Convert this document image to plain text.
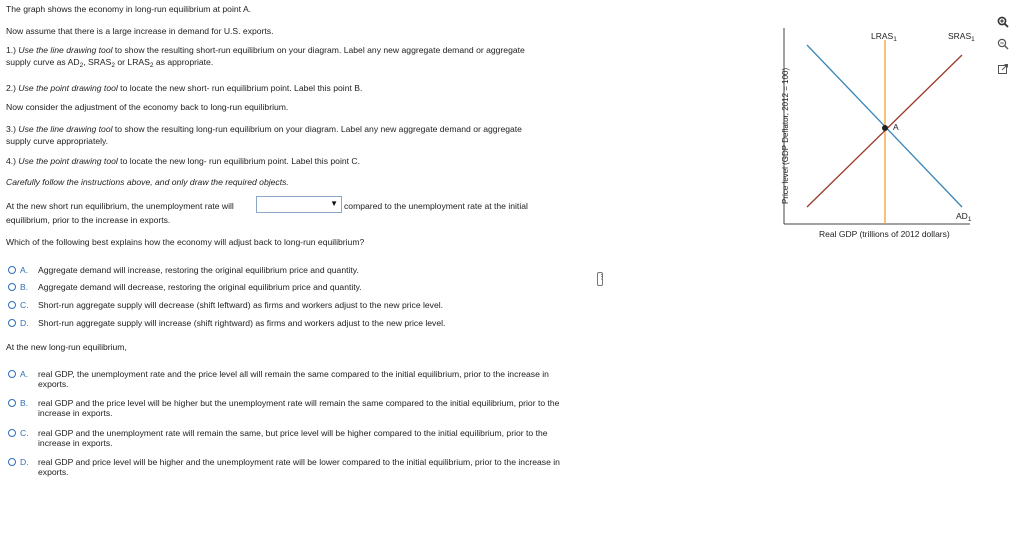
The graph shows the economy in long-run equilibrium at point A.
Now assume that there is a large increase in demand for U.S. exports.
1.) Use the line drawing tool to show the resulting short-run equilibrium on your diagram. Label any new aggregate demand or aggregate
supply curve as $AD_2$, $SRAS_2$ or $LRAS_2$ as appropriate.
2.) Use the point drawing tool to locate the new short- run equilibrium point. Label this point B.
Now consider the adjustment of the economy back to long-run equilibrium.
3.) Use the line drawing tool to show the resulting long-run equilibrium on your diagram. Label any new aggregate demand or aggregate
supply curve appropriately.
4.) Use the point drawing tool to locate the new long- run equilibrium point. Label this point C.
Carefully follow the instructions above, and only draw the required objects.
At the new short run equilibrium, the unemployment rate will	▼ compared to the unemployment rate at the initial
equilibrium, prior to the increase in exports.
Which of the following best explains how the economy will adjust back to long-run equilibrium?
A.	Aggregate demand will increase, restoring the original equilibrium price and quantity.
B.	Aggregate demand will decrease, restoring the original equilibrium price and quantity.
C.	Short-run aggregate supply will decrease (shift leftward) as firms and workers adjust to the new price level.
D.	Short-run aggregate supply will increase (shift rightward) as firms and workers adjust to the new price level.
At the new long-run equilibrium,
A.	real GDP, the unemployment rate and the price level all will remain the same compared to the initial equilibrium, prior to the increase in exports.
B.	real GDP and the price level will be higher but the unemployment rate will remain the same compared to the initial equilibrium, prior to the increase in exports.
C.	real GDP and the unemployment rate will remain the same, but price level will be higher compared to the initial equilibrium, prior to the increase in exports.
D.	real GDP and price level will be higher and the unemployment rate will be lower compared to the initial equilibrium, prior to the increase in exports.
⋮
$LRAS_1$	$SRAS_1$
$AD_1$
A
Real GDP (trillions of 2012 dollars)
Price level (GDP Deflator, 2012 = 100)
